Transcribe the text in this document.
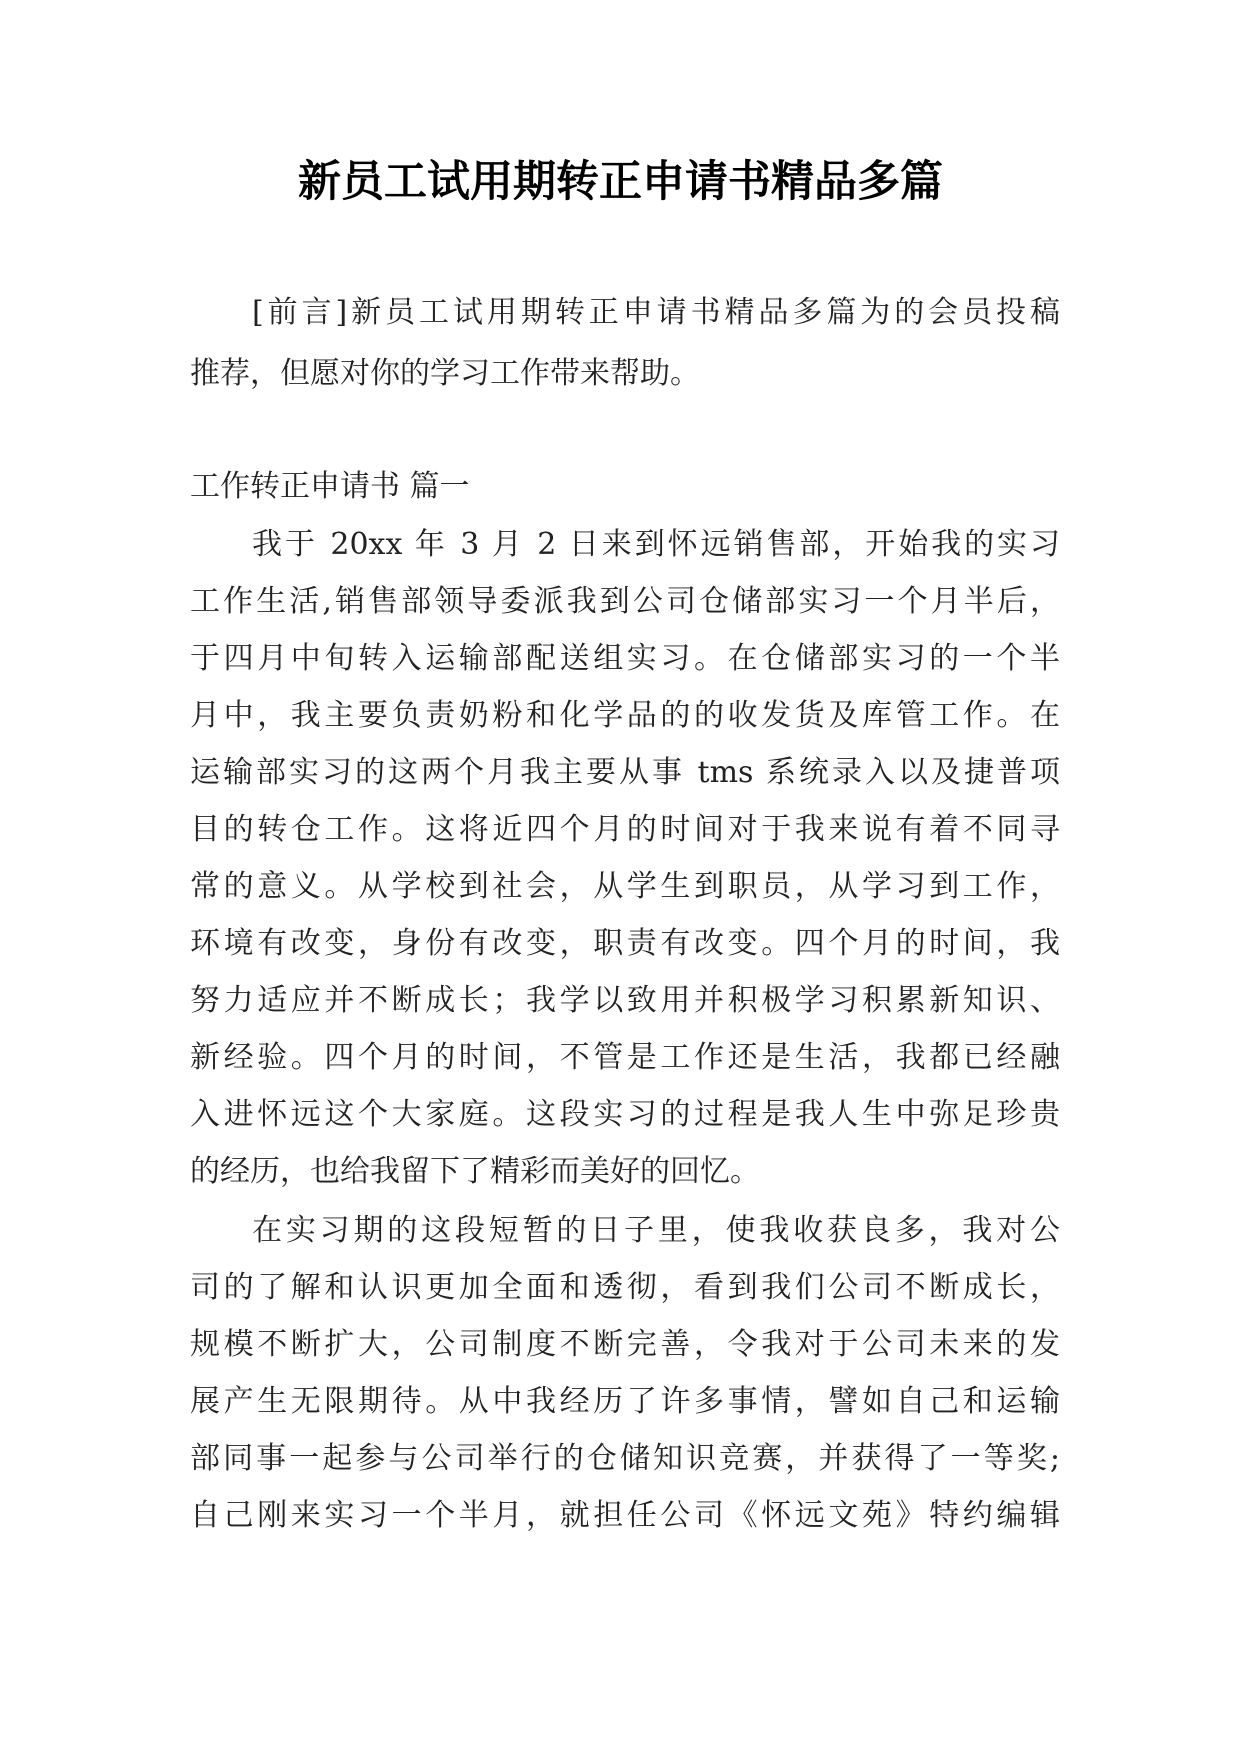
新员工试用期转正申请书精品多篇
[前言]新员工试用期转正申请书精品多篇为的会员投稿
推荐，但愿对你的学习工作带来帮助。
工作转正申请书 篇一
我于 20xx 年 3 月 2 日来到怀远销售部，开始我的实习
工作生活,销售部领导委派我到公司仓储部实习一个月半后，
于四月中旬转入运输部配送组实习。在仓储部实习的一个半
月中，我主要负责奶粉和化学品的的收发货及库管工作。在
运输部实习的这两个月我主要从事 tms 系统录入以及捷普项
目的转仓工作。这将近四个月的时间对于我来说有着不同寻
常的意义。从学校到社会，从学生到职员，从学习到工作，
环境有改变，身份有改变，职责有改变。四个月的时间，我
努力适应并不断成长；我学以致用并积极学习积累新知识、
新经验。四个月的时间，不管是工作还是生活，我都已经融
入进怀远这个大家庭。这段实习的过程是我人生中弥足珍贵
的经历，也给我留下了精彩而美好的回忆。
在实习期的这段短暂的日子里，使我收获良多，我对公
司的了解和认识更加全面和透彻，看到我们公司不断成长，
规模不断扩大，公司制度不断完善，令我对于公司未来的发
展产生无限期待。从中我经历了许多事情，譬如自己和运输
部同事一起参与公司举行的仓储知识竞赛，并获得了一等奖;
自己刚来实习一个半月，就担任公司《怀远文苑》特约编辑
